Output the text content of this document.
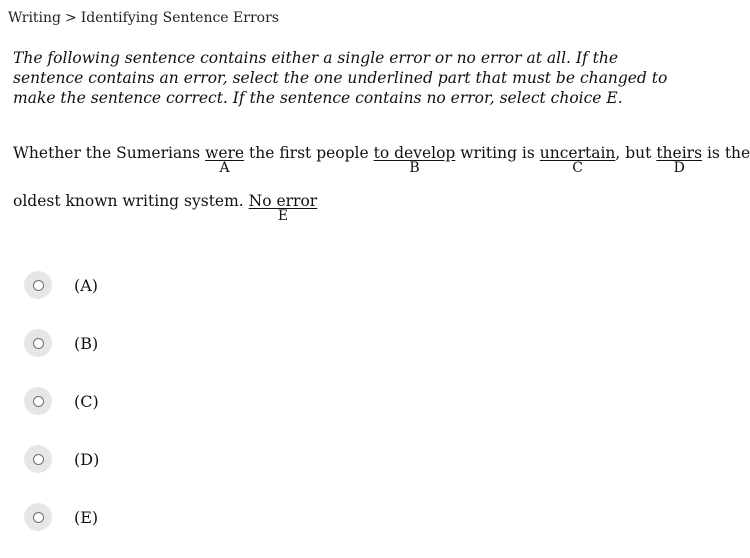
Writing > Identifying Sentence Errors
The following sentence contains either a single error or no error at all. If the sentence contains an error, select the one underlined part that must be changed to make the sentence correct. If the sentence contains no error, select choice E.
Whether the Sumerians were
A
the first people to develop
B
writing is uncertain
C
, but theirs
D
is the
oldest known writing system. No error
E
(A)
(B)
(C)
(D)
(E)
